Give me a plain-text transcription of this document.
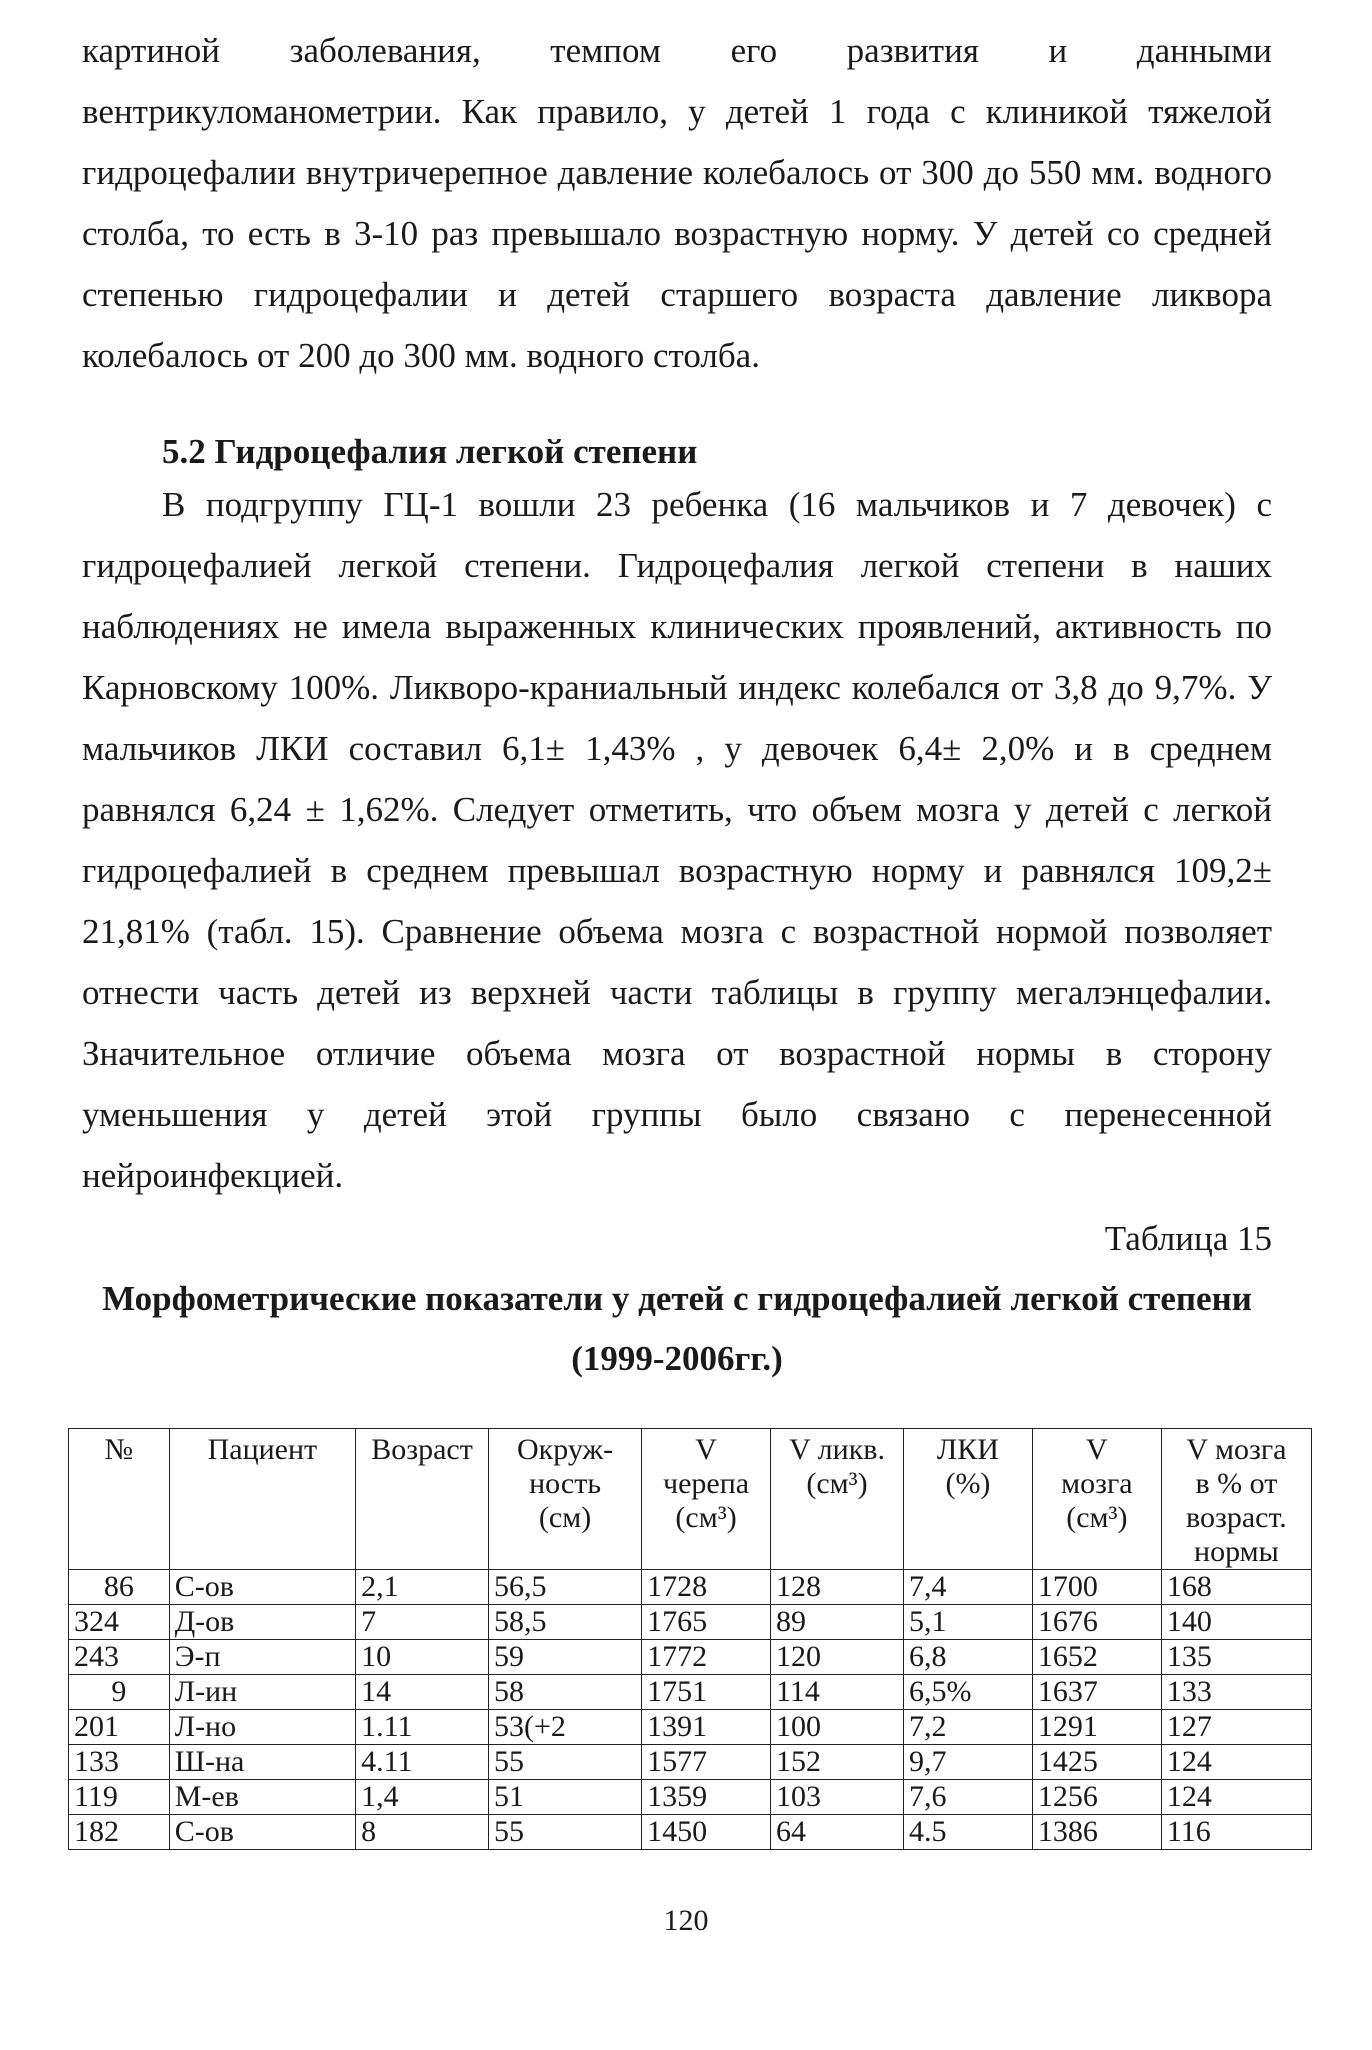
картиной заболевания, темпом его развития и данными вентрикуломанометрии. Как правило, у детей 1 года с клиникой тяжелой гидроцефалии внутричерепное давление колебалось от 300 до 550 мм. водного столба, то есть в 3-10 раз превышало возрастную норму. У детей со средней степенью гидроцефалии и детей старшего возраста давление ликвора колебалось от 200 до 300 мм. водного столба.

5.2 Гидроцефалия легкой степени

В подгруппу ГЦ-1 вошли 23 ребенка (16 мальчиков и 7 девочек) с гидроцефалией легкой степени. Гидроцефалия легкой степени в наших наблюдениях не имела выраженных клинических проявлений, активность по Карновскому 100%. Ликворо-краниальный индекс колебался от 3,8 до 9,7%. У мальчиков ЛКИ составил 6,1± 1,43% , у девочек 6,4± 2,0% и в среднем равнялся 6,24 ± 1,62%. Следует отметить, что объем мозга у детей с легкой гидроцефалией в среднем превышал возрастную норму и равнялся 109,2± 21,81% (табл. 15). Сравнение объема мозга с возрастной нормой позволяет отнести часть детей из верхней части таблицы в группу мегалэнцефалии. Значительное отличие объема мозга от возрастной нормы в сторону уменьшения у детей этой группы было связано с перенесенной нейроинфекцией.

Таблица 15

Морфометрические показатели у детей с гидроцефалией легкой степени

(1999-2006гг.)

№	Пациент	Возраст	Окруж-ность (см)	V черепа (см³)	V ликв. (см³)	ЛКИ (%)	V мозга (см³)	V мозга в % от возраст. нормы
86	С-ов	2,1	56,5	1728	128	7,4	1700	168
324	Д-ов	7	58,5	1765	89	5,1	1676	140
243	Э-п	10	59	1772	120	6,8	1652	135
9	Л-ин	14	58	1751	114	6,5%	1637	133
201	Л-но	1.11	53(+2	1391	100	7,2	1291	127
133	Ш-на	4.11	55	1577	152	9,7	1425	124
119	М-ев	1,4	51	1359	103	7,6	1256	124
182	С-ов	8	55	1450	64	4.5	1386	116
120
